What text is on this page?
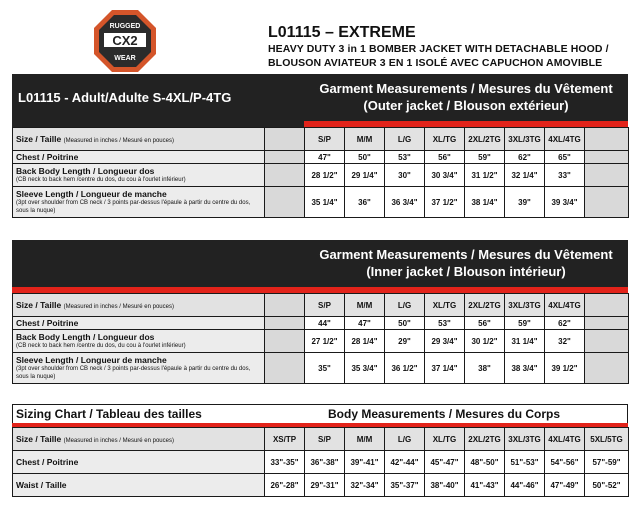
RUGGED
CX2
WEAR
L01115 – EXTREME
HEAVY DUTY 3 in 1 BOMBER JACKET WITH DETACHABLE HOOD /
BLOUSON AVIATEUR 3 EN 1 ISOLÉ AVEC CAPUCHON AMOVIBLE
L01115 - Adult/Adulte S-4XL/P-4TG
Garment Measurements / Mesures du Vêtement
(Outer jacket / Blouson extérieur)
Size / Taille (Measured in inches / Mesuré en pouces)		S/P	M/M	L/G	XL/TG	2XL/2TG	3XL/3TG	4XL/4TG	
Chest / Poitrine		47"	50"	53"	56"	59"	62"	65"	
Back Body Length / Longueur dos
(CB neck to back hem /centre du dos, du cou à l'ourlet inférieur)		28 1/2"	29 1/4"	30"	30 3/4"	31 1/2"	32 1/4"	33"	
Sleeve Length / Longueur de manche
(3pt over shoulder from CB neck / 3 points par-dessus l'épaule à partir du centre du dos, sous la nuque)		35 1/4"	36"	36 3/4"	37 1/2"	38 1/4"	39"	39 3/4"	
Garment Measurements / Mesures du Vêtement
(Inner jacket / Blouson intérieur)
Size / Taille (Measured in inches / Mesuré en pouces)		S/P	M/M	L/G	XL/TG	2XL/2TG	3XL/3TG	4XL/4TG	
Chest / Poitrine		44"	47"	50"	53"	56"	59"	62"	
Back Body Length / Longueur dos
(CB neck to back hem /centre du dos, du cou à l'ourlet inférieur)		27 1/2"	28 1/4"	29"	29 3/4"	30 1/2"	31 1/4"	32"	
Sleeve Length / Longueur de manche
(3pt over shoulder from CB neck / 3 points par-dessus l'épaule à partir du centre du dos, sous la nuque)		35"	35 3/4"	36 1/2"	37 1/4"	38"	38 3/4"	39 1/2"	
Sizing Chart / Tableau des tailles	Body Measurements / Mesures du Corps
Size / Taille (Measured in inches / Mesuré en pouces)	XS/TP	S/P	M/M	L/G	XL/TG	2XL/2TG	3XL/3TG	4XL/4TG	5XL/5TG
Chest / Poitrine	33"-35"	36"-38"	39"-41"	42"-44"	45"-47"	48"-50"	51"-53"	54"-56"	57"-59"
Waist / Taille	26"-28"	29"-31"	32"-34"	35"-37"	38"-40"	41"-43"	44"-46"	47"-49"	50"-52"
